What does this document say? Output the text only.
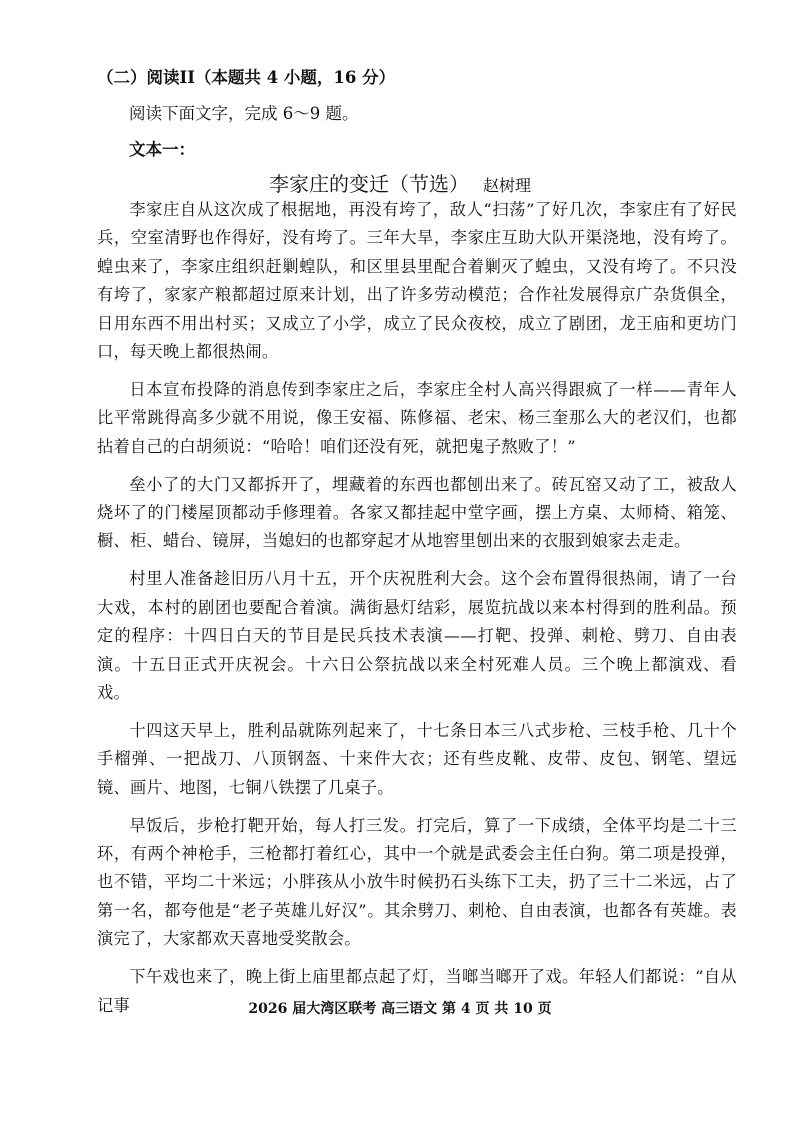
（二）阅读II（本题共 4 小题，16 分）
阅读下面文字，完成 6～9 题。
文本一：
李家庄的变迁（节选） 赵树理

李家庄自从这次成了根据地，再没有垮了，敌人“扫荡”了好几次，李家庄有了好民兵，空室清野也作得好，没有垮了。三年大旱，李家庄互助大队开渠浇地，没有垮了。蝗虫来了，李家庄组织赶剿蝗队，和区里县里配合着剿灭了蝗虫，又没有垮了。不只没有垮了，家家产粮都超过原来计划，出了许多劳动模范；合作社发展得京广杂货俱全，日用东西不用出村买；又成立了小学，成立了民众夜校，成立了剧团，龙王庙和更坊门口，每天晚上都很热闹。

日本宣布投降的消息传到李家庄之后，李家庄全村人高兴得跟疯了一样——青年人比平常跳得高多少就不用说，像王安福、陈修福、老宋、杨三奎那么大的老汉们，也都拈着自己的白胡须说：“哈哈！咱们还没有死，就把鬼子熬败了！”

垒小了的大门又都拆开了，埋藏着的东西也都刨出来了。砖瓦窑又动了工，被敌人烧坏了的门楼屋顶都动手修理着。各家又都挂起中堂字画，摆上方桌、太师椅、箱笼、橱、柜、蜡台、镜屏，当媳妇的也都穿起才从地窖里刨出来的衣服到娘家去走走。

村里人准备趁旧历八月十五，开个庆祝胜利大会。这个会布置得很热闹，请了一台大戏，本村的剧团也要配合着演。满街悬灯结彩，展览抗战以来本村得到的胜利品。预定的程序：十四日白天的节目是民兵技术表演——打靶、投弹、刺枪、劈刀、自由表演。十五日正式开庆祝会。十六日公祭抗战以来全村死难人员。三个晚上都演戏、看戏。

十四这天早上，胜利品就陈列起来了，十七条日本三八式步枪、三枝手枪、几十个手榴弹、一把战刀、八顶钢盔、十来件大衣；还有些皮靴、皮带、皮包、钢笔、望远镜、画片、地图，七铜八铁摆了几桌子。

早饭后，步枪打靶开始，每人打三发。打完后，算了一下成绩，全体平均是二十三环，有两个神枪手，三枪都打着红心，其中一个就是武委会主任白狗。第二项是投弹，也不错，平均二十米远；小胖孩从小放牛时候扔石头练下工夫，扔了三十二米远，占了第一名，都夸他是“老子英雄儿好汉”。其余劈刀、刺枪、自由表演，也都各有英雄。表演完了，大家都欢天喜地受奖散会。

下午戏也来了，晚上街上庙里都点起了灯，当啷当啷开了戏。年轻人们都说：“自从记事	2026 届大湾区联考 高三语文 第 4 页 共 10 页
